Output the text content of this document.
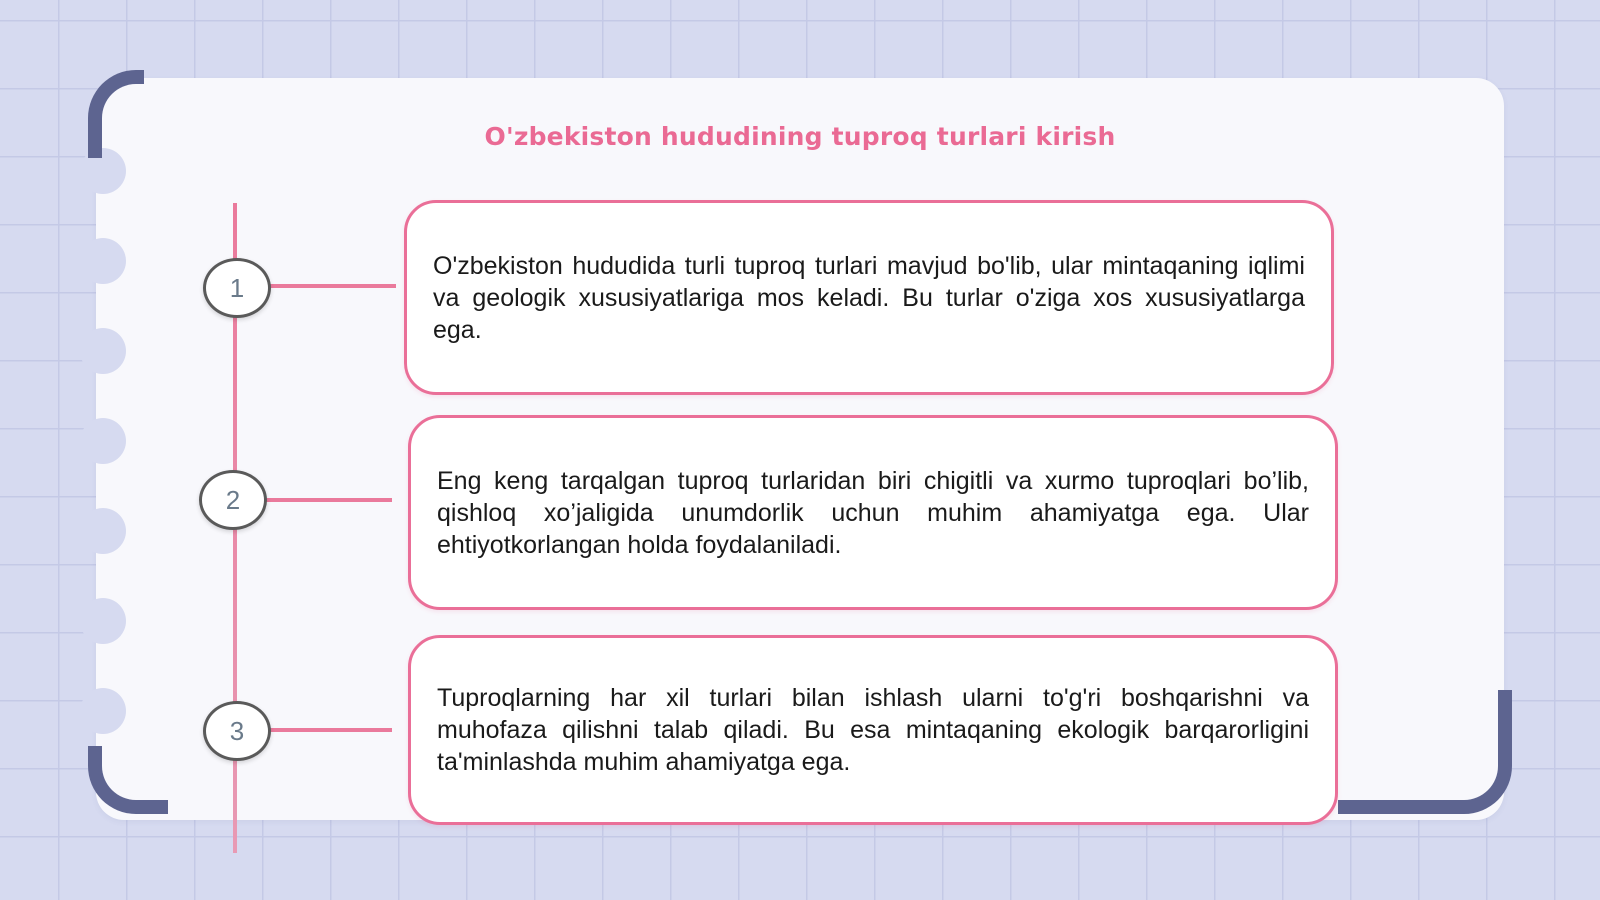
O'zbekiston hududining tuproq turlari kirish
1

O'zbekiston hududida turli tuproq turlari mavjud bo'lib, ular mintaqaning iqlimi va geologik xususiyatlariga mos keladi. Bu turlar o'ziga xos xususiyatlarga ega.

2

Eng keng tarqalgan tuproq turlaridan biri chigitli va xurmo tuproqlari bo’lib, qishloq xo’jaligida unumdorlik uchun muhim ahamiyatga ega. Ular ehtiyotkorlangan holda foydalaniladi.

3

Tuproqlarning har xil turlari bilan ishlash ularni to'g'ri boshqarishni va muhofaza qilishni talab qiladi. Bu esa mintaqaning ekologik barqarorligini ta'minlashda muhim ahamiyatga ega.
